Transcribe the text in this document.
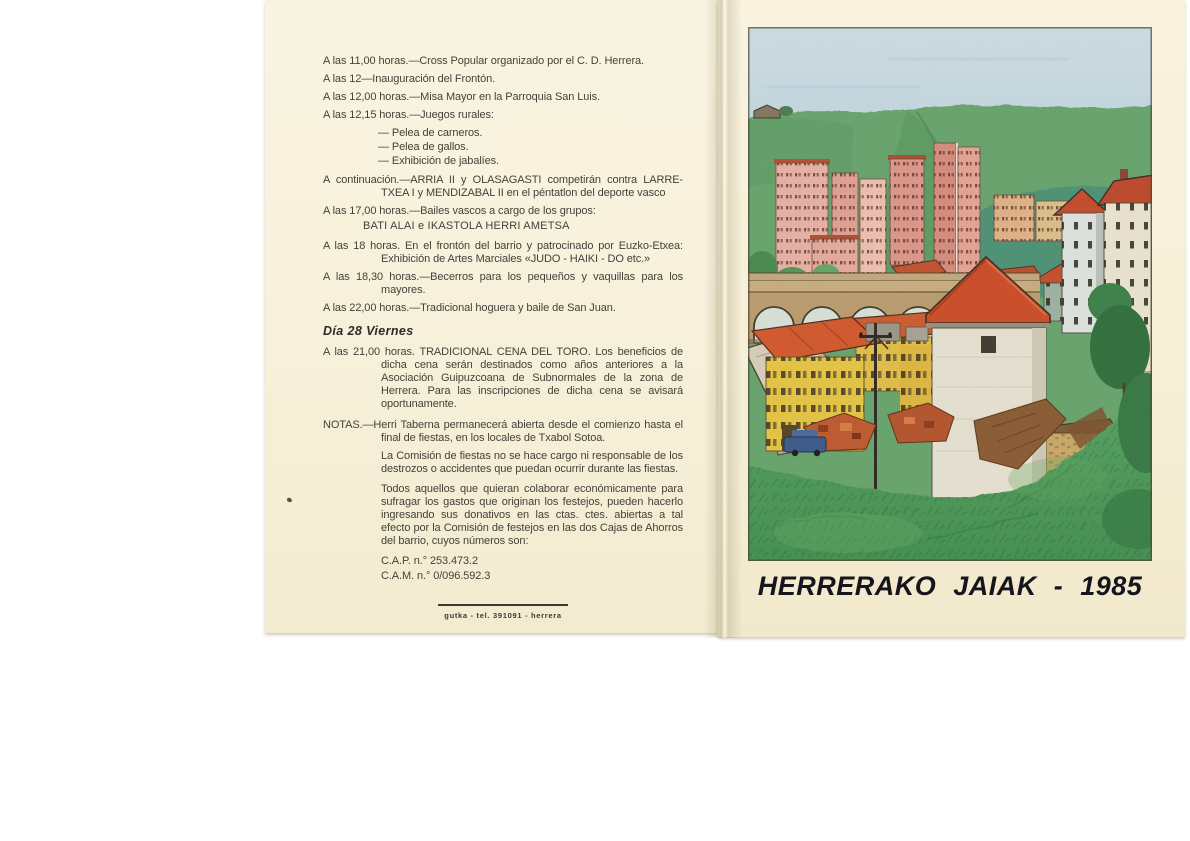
A las 11,00 horas.—Cross Popular organizado por el C. D. Herrera.

A las 12—Inauguración del Frontón.

A las 12,00 horas.—Misa Mayor en la Parroquia San Luis.

A las 12,15 horas.—Juegos rurales:

— Pelea de carneros.

— Pelea de gallos.

— Exhibición de jabalíes.

A continuación.—ARRIA II y OLASAGASTI competirán contra LARRE-TXEA I y MENDIZABAL II en el péntatlon del deporte vasco

A las 17,00 horas.—Bailes vascos a cargo de los grupos:

BATI ALAI e IKASTOLA HERRI AMETSA

A las 18 horas. En el frontón del barrio y patrocinado por Euzko-Etxea: Exhibición de Artes Marciales «JUDO - HAIKI - DO etc.»

A las 18,30 horas.—Becerros para los pequeños y vaquillas para los mayores.

A las 22,00 horas.—Tradicional hoguera y baile de San Juan.

Día 28 Viernes

A las 21,00 horas. TRADICIONAL CENA DEL TORO. Los beneficios de dicha cena serán destinados como años anteriores a la Asociación Guipuzcoana de Subnormales de la zona de Herrera. Para las inscripciones de dicha cena se avisará oportunamente.

NOTAS.—Herri Taberna permanecerá abierta desde el comienzo hasta el final de fiestas, en los locales de Txabol Sotoa.

La Comisión de fiestas no se hace cargo ni responsable de los destrozos o accidentes que puedan ocurrir durante las fiestas.

Todos aquellos que quieran colaborar económicamente para sufragar los gastos que originan los festejos, pueden hacerlo ingresando sus donativos en las ctas. ctes. abiertas a tal efecto por la Comisión de festejos en las dos Cajas de Ahorros del barrio, cuyos números son:

C.A.P. n.° 253.473.2

C.A.M. n.° 0/096.592.3

gutka - tel. 391091 - herrera
HERRERAKO JAIAK - 1985
